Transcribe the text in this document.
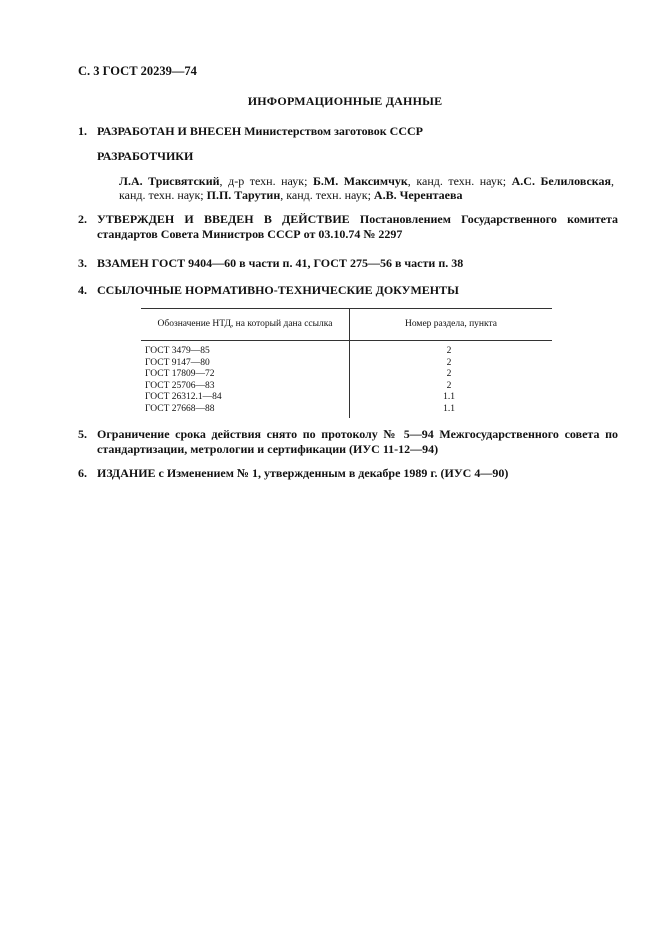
С. 3 ГОСТ 20239—74
ИНФОРМАЦИОННЫЕ ДАННЫЕ
1. РАЗРАБОТАН И ВНЕСЕН Министерством заготовок СССР
РАЗРАБОТЧИКИ
Л.А. Трисвятский, д-р техн. наук; Б.М. Максимчук, канд. техн. наук; А.С. Белиловская, канд. техн. наук; П.П. Тарутин, канд. техн. наук; А.В. Черентаева
2. УТВЕРЖДЕН И ВВЕДЕН В ДЕЙСТВИЕ Постановлением Государственного комитета стандартов Совета Министров СССР от 03.10.74 № 2297
3. ВЗАМЕН ГОСТ 9404—60 в части п. 41, ГОСТ 275—56 в части п. 38
4. ССЫЛОЧНЫЕ НОРМАТИВНО-ТЕХНИЧЕСКИЕ ДОКУМЕНТЫ
Обозначение НТД, на который дана ссылка	Номер раздела, пункта
ГОСТ 3479—85	2
ГОСТ 9147—80	2
ГОСТ 17809—72	2
ГОСТ 25706—83	2
ГОСТ 26312.1—84	1.1
ГОСТ 27668—88	1.1
5. Ограничение срока действия снято по протоколу № 5—94 Межгосударственного совета по стандартизации, метрологии и сертификации (ИУС 11-12—94)
6. ИЗДАНИЕ с Изменением № 1, утвержденным в декабре 1989 г. (ИУС 4—90)
